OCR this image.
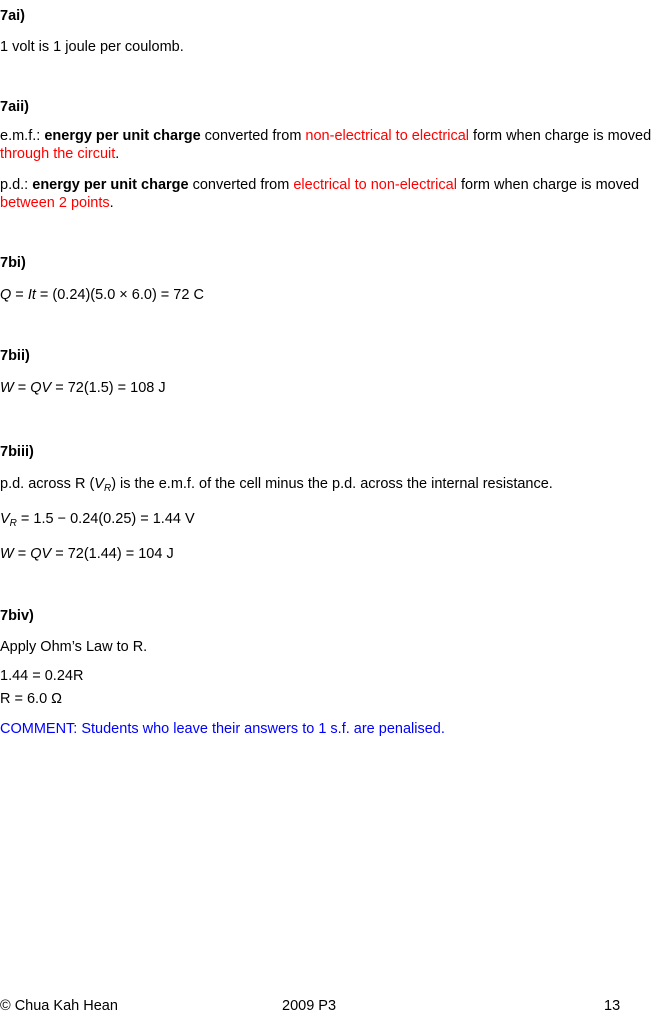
7ai)
1 volt is 1 joule per coulomb.
7aii)
e.m.f.: energy per unit charge converted from non-electrical to electrical form when charge is moved through the circuit.
p.d.: energy per unit charge converted from electrical to non-electrical form when charge is moved between 2 points.
7bi)
Q = It = (0.24)(5.0 × 6.0) = 72 C
7bii)
W = QV = 72(1.5) = 108 J
7biii)
p.d. across R $(V_R)$ is the e.m.f. of the cell minus the p.d. across the internal resistance.
$V_R = 1.5 - 0.24(0.25) = 1.44$ V
W = QV = 72(1.44) = 104 J
7biv)
Apply Ohm’s Law to R.
1.44 = 0.24R
R = 6.0 Ω
COMMENT: Students who leave their answers to 1 s.f. are penalised.
© Chua Kah Hean	2009 P3	13
